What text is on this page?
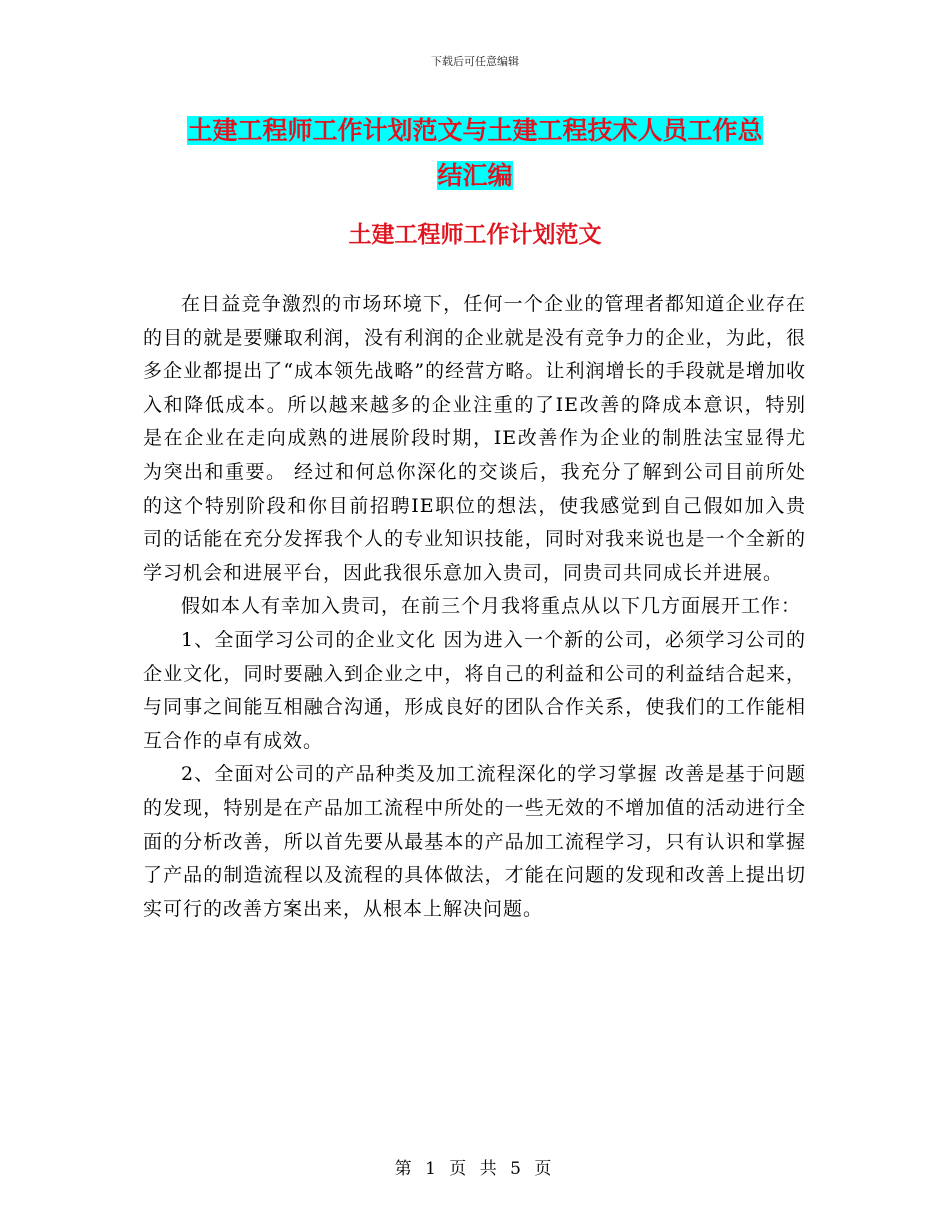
下载后可任意编辑
土建工程师工作计划范文与土建工程技术人员工作总
结汇编
土建工程师工作计划范文

在日益竞争激烈的市场环境下，任何一个企业的管理者都知道企业存在的目的就是要赚取利润，没有利润的企业就是没有竞争力的企业，为此，很多企业都提出了“成本领先战略”的经营方略。让利润增长的手段就是增加收入和降低成本。所以越来越多的企业注重的了IE改善的降成本意识，特别是在企业在走向成熟的进展阶段时期，IE改善作为企业的制胜法宝显得尤为突出和重要。 经过和何总你深化的交谈后，我充分了解到公司目前所处的这个特别阶段和你目前招聘IE职位的想法，使我感觉到自己假如加入贵司的话能在充分发挥我个人的专业知识技能，同时对我来说也是一个全新的学习机会和进展平台，因此我很乐意加入贵司，同贵司共同成长并进展。

假如本人有幸加入贵司，在前三个月我将重点从以下几方面展开工作：

1、全面学习公司的企业文化 因为进入一个新的公司，必须学习公司的企业文化，同时要融入到企业之中，将自己的利益和公司的利益结合起来，与同事之间能互相融合沟通，形成良好的团队合作关系，使我们的工作能相互合作的卓有成效。

2、全面对公司的产品种类及加工流程深化的学习掌握 改善是基于问题的发现，特别是在产品加工流程中所处的一些无效的不增加值的活动进行全面的分析改善，所以首先要从最基本的产品加工流程学习，只有认识和掌握了产品的制造流程以及流程的具体做法，才能在问题的发现和改善上提出切实可行的改善方案出来，从根本上解决问题。

第 1 页 共 5 页
